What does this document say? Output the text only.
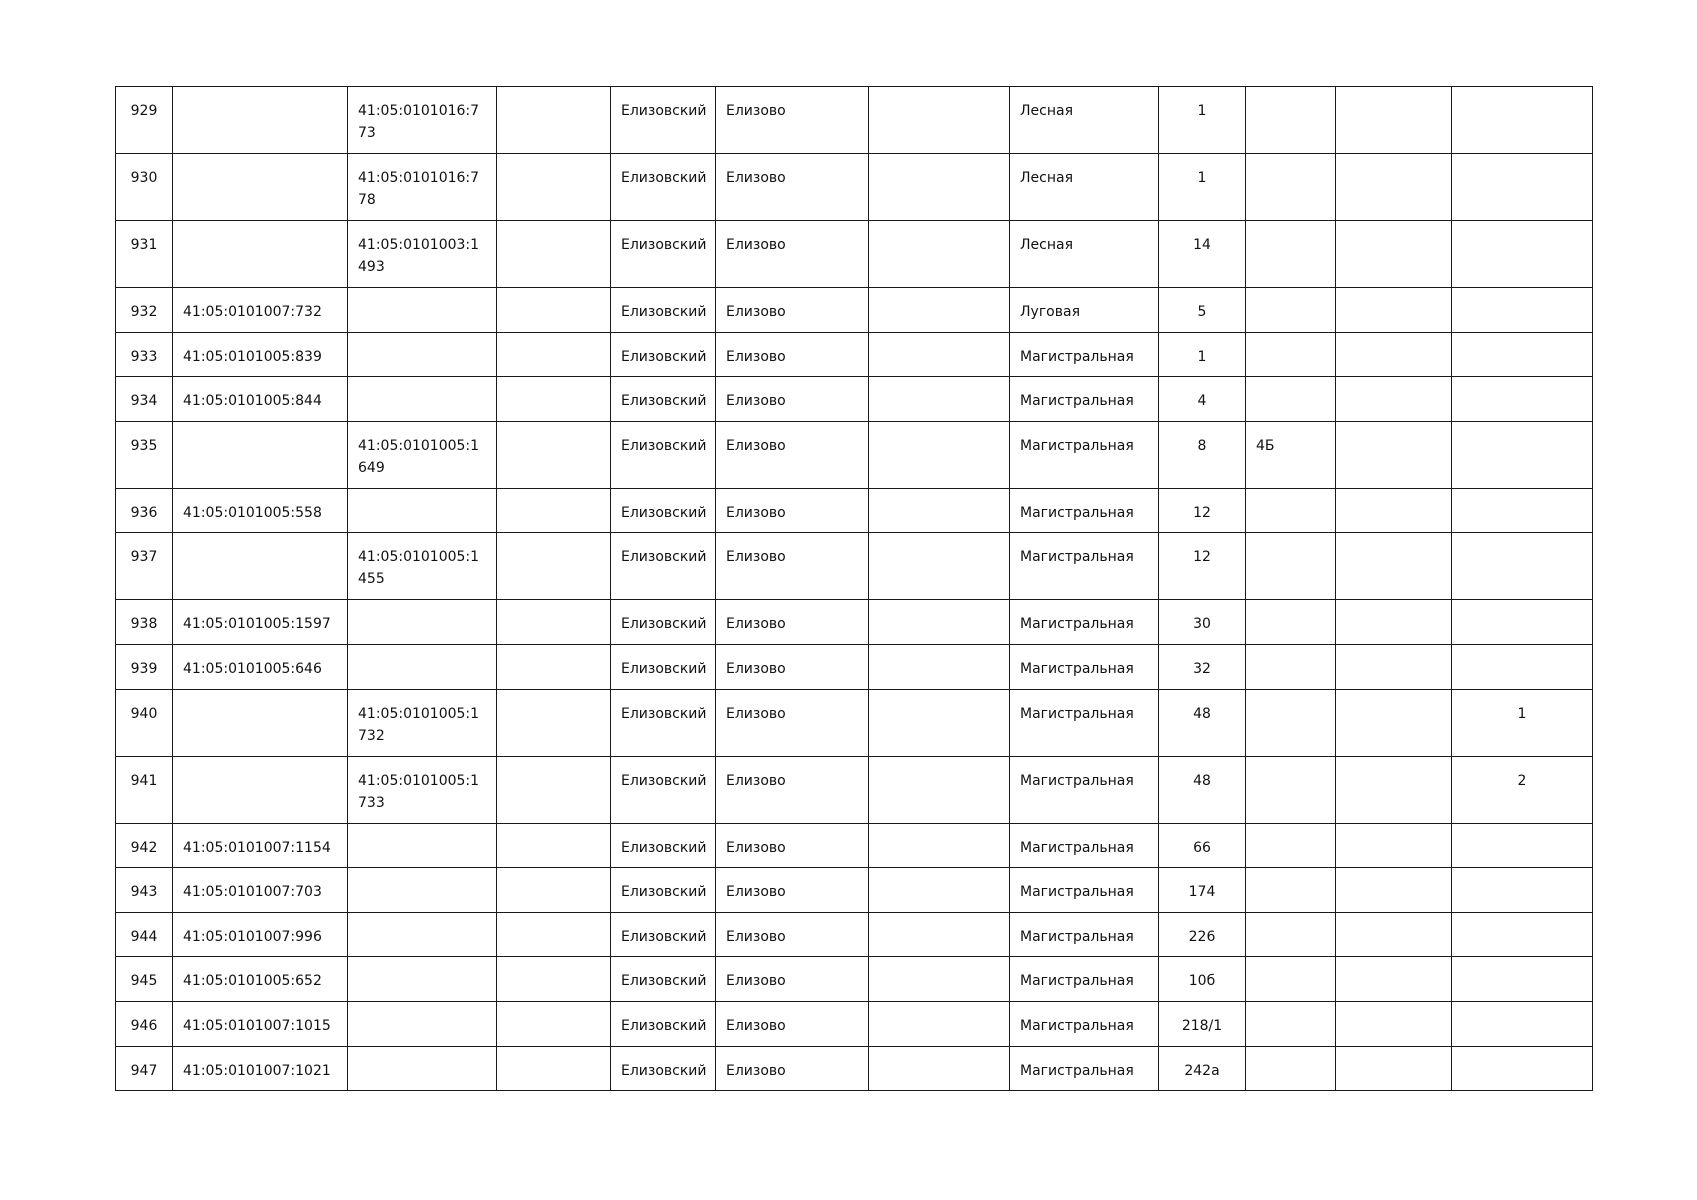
929		41:05:0101016:773		Елизовский	Елизово		Лесная	1			
930		41:05:0101016:778		Елизовский	Елизово		Лесная	1			
931		41:05:0101003:1493		Елизовский	Елизово		Лесная	14			
932	41:05:0101007:732			Елизовский	Елизово		Луговая	5			
933	41:05:0101005:839			Елизовский	Елизово		Магистральная	1			
934	41:05:0101005:844			Елизовский	Елизово		Магистральная	4			
935		41:05:0101005:1649		Елизовский	Елизово		Магистральная	8	4Б		
936	41:05:0101005:558			Елизовский	Елизово		Магистральная	12			
937		41:05:0101005:1455		Елизовский	Елизово		Магистральная	12			
938	41:05:0101005:1597			Елизовский	Елизово		Магистральная	30			
939	41:05:0101005:646			Елизовский	Елизово		Магистральная	32			
940		41:05:0101005:1732		Елизовский	Елизово		Магистральная	48			1
941		41:05:0101005:1733		Елизовский	Елизово		Магистральная	48			2
942	41:05:0101007:1154			Елизовский	Елизово		Магистральная	66			
943	41:05:0101007:703			Елизовский	Елизово		Магистральная	174			
944	41:05:0101007:996			Елизовский	Елизово		Магистральная	226			
945	41:05:0101005:652			Елизовский	Елизово		Магистральная	10б			
946	41:05:0101007:1015			Елизовский	Елизово		Магистральная	218/1			
947	41:05:0101007:1021			Елизовский	Елизово		Магистральная	242а			
